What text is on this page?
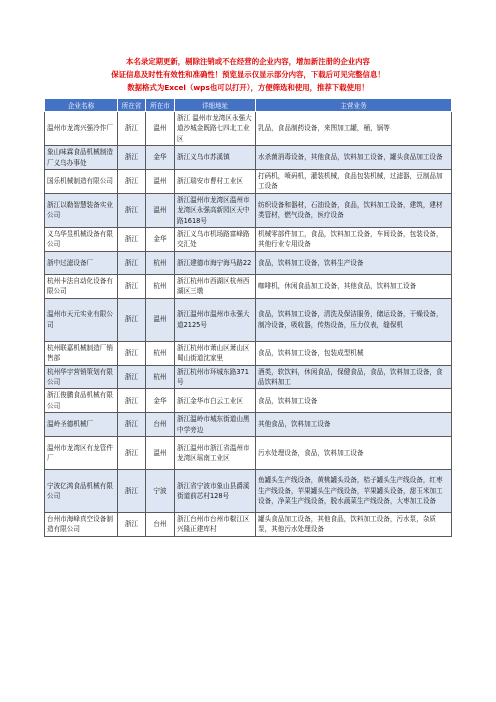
本名录定期更新，剔除注销或不在经营的企业内容，增加新注册的企业内容
保证信息及时性有效性和准确性！预览显示仅显示部分内容，下载后可见完整信息！
数据格式为Excel（wps也可以打开），方便筛选和使用，推荐下载使用！
企业名称	所在省	所在市	详细地址	主营业务
温州市龙湾兴强冷作厂	浙江	温州	浙江 温州市龙湾区永强大道沙城金既路七四北工业区	乳品，食品制药设备，来图加工罐，桶，锅等
象山味霖食品机械制造厂义乌办事处	浙江	金华	浙江义乌市苏溪镇	水杀菌消毒设备，其他食品，饮料加工设备，罐头食品加工设备
国乐机械制造有限公司	浙江	温州	浙江瑞安市曹村工业区	打码机，喷码机，灌装机械，食品包装机械，过滤器，豆制品加工设备
浙江以勒智慧装备实业公司	浙江	温州	浙江温州市龙湾区温州市龙湾区永强高新园区天中路1618号	纺织设备和器材，石油设备，食品，饮料加工设备，建筑，建材类管材，燃气设备，医疗设备
义乌华昱机械设备有限公司	浙江	金华	浙江义乌市机场路富峰路交汇处	机械零部件加工，食品，饮料加工设备，车间设备，包装设备，其他行业专用设备
浙中过滤设备厂	浙江	杭州	浙江建德市海宁海马路22	食品，饮料加工设备，饮料生产设备
杭州卡法自动化设备有限公司	浙江	杭州	浙江杭州市西湖区杭州西湖区三墩	咖啡机，休闲食品加工设备，其他食品，饮料加工设备
温州市天元实业有限公司	浙江	温州	浙江温州市温州市永强大道2125号	食品，饮料加工设备，清洗及保洁服务，储运设备，干燥设备，制冷设备，吸收器，传热设备，压力仪表，缝保机
杭州联嘉机械制造厂销售部	浙江	杭州	浙江杭州市萧山区萧山区蜀山街道沈家里	食品，饮料加工设备，包装成型机械
杭州华宇营销策划有限公司	浙江	杭州	浙江杭州市环城东路371号	酒类，软饮料，休闲食品，保健食品，食品，饮料加工设备，食品饮料加工
浙江俊鹏食品机械有限公司	浙江	金华	浙江金华市白云工业区	食品，饮料加工设备
温岭圣德机械厂	浙江	台州	浙江温岭市城东街道山黑中学旁边	其他食品，饮料加工设备
温州市龙湾区有龙管件厂	浙江	温州	浙江温州市浙江省温州市龙湾区瑶南工业区	污水处理设备，食品，饮料加工设备
宁波亿鸿食品机械有限公司	浙江	宁波	浙江省宁波市象山县爵溪街道前芯村128号	鱼罐头生产线设备，黄桃罐头设备，桔子罐头生产线设备，红枣生产线设备，苹果罐头生产线设备，苹果罐头设备，甜玉米加工设备，净菜生产线设备，脱水蔬菜生产线设备，大枣加工设备
台州市海峰真空设备制造有限公司	浙江	台州	浙江台州市台州市椒江区兴隆正建库村	罐头食品加工设备，其他食品，饮料加工设备，污水泵，杂质泵，其他污水处理设备
